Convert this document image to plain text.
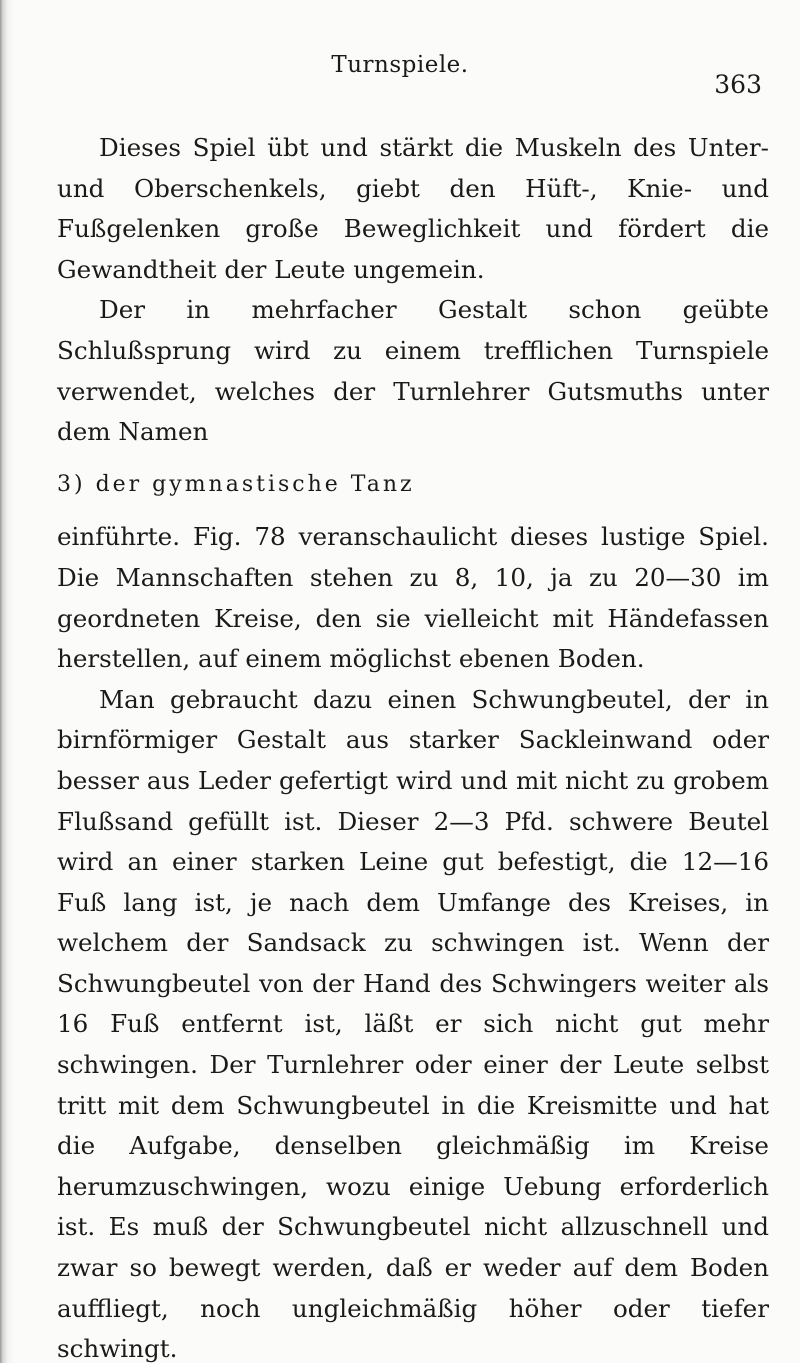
Turnspiele.
363

Dieses Spiel übt und stärkt die Muskeln des Unter- und Oberschenkels, giebt den Hüft-, Knie- und Fußgelenken große Beweglichkeit und fördert die Gewandtheit der Leute ungemein.

Der in mehrfacher Gestalt schon geübte Schlußsprung wird zu einem trefflichen Turnspiele verwendet, welches der Turnlehrer Gutsmuths unter dem Namen

3) der gymnastische Tanz

einführte. Fig. 78 veranschaulicht dieses lustige Spiel. Die Mannschaften stehen zu 8, 10, ja zu 20—30 im geordneten Kreise, den sie vielleicht mit Händefassen herstellen, auf einem möglichst ebenen Boden.

Man gebraucht dazu einen Schwungbeutel, der in birnförmiger Gestalt aus starker Sackleinwand oder besser aus Leder gefertigt wird und mit nicht zu grobem Flußsand gefüllt ist. Dieser 2—3 Pfd. schwere Beutel wird an einer starken Leine gut befestigt, die 12—16 Fuß lang ist, je nach dem Umfange des Kreises, in welchem der Sandsack zu schwingen ist. Wenn der Schwungbeutel von der Hand des Schwingers weiter als 16 Fuß entfernt ist, läßt er sich nicht gut mehr schwingen. Der Turnlehrer oder einer der Leute selbst tritt mit dem Schwungbeutel in die Kreismitte und hat die Aufgabe, denselben gleichmäßig im Kreise herumzuschwingen, wozu einige Uebung erforderlich ist. Es muß der Schwungbeutel nicht allzuschnell und zwar so bewegt werden, daß er weder auf dem Boden auffliegt, noch ungleichmäßig höher oder tiefer schwingt.
